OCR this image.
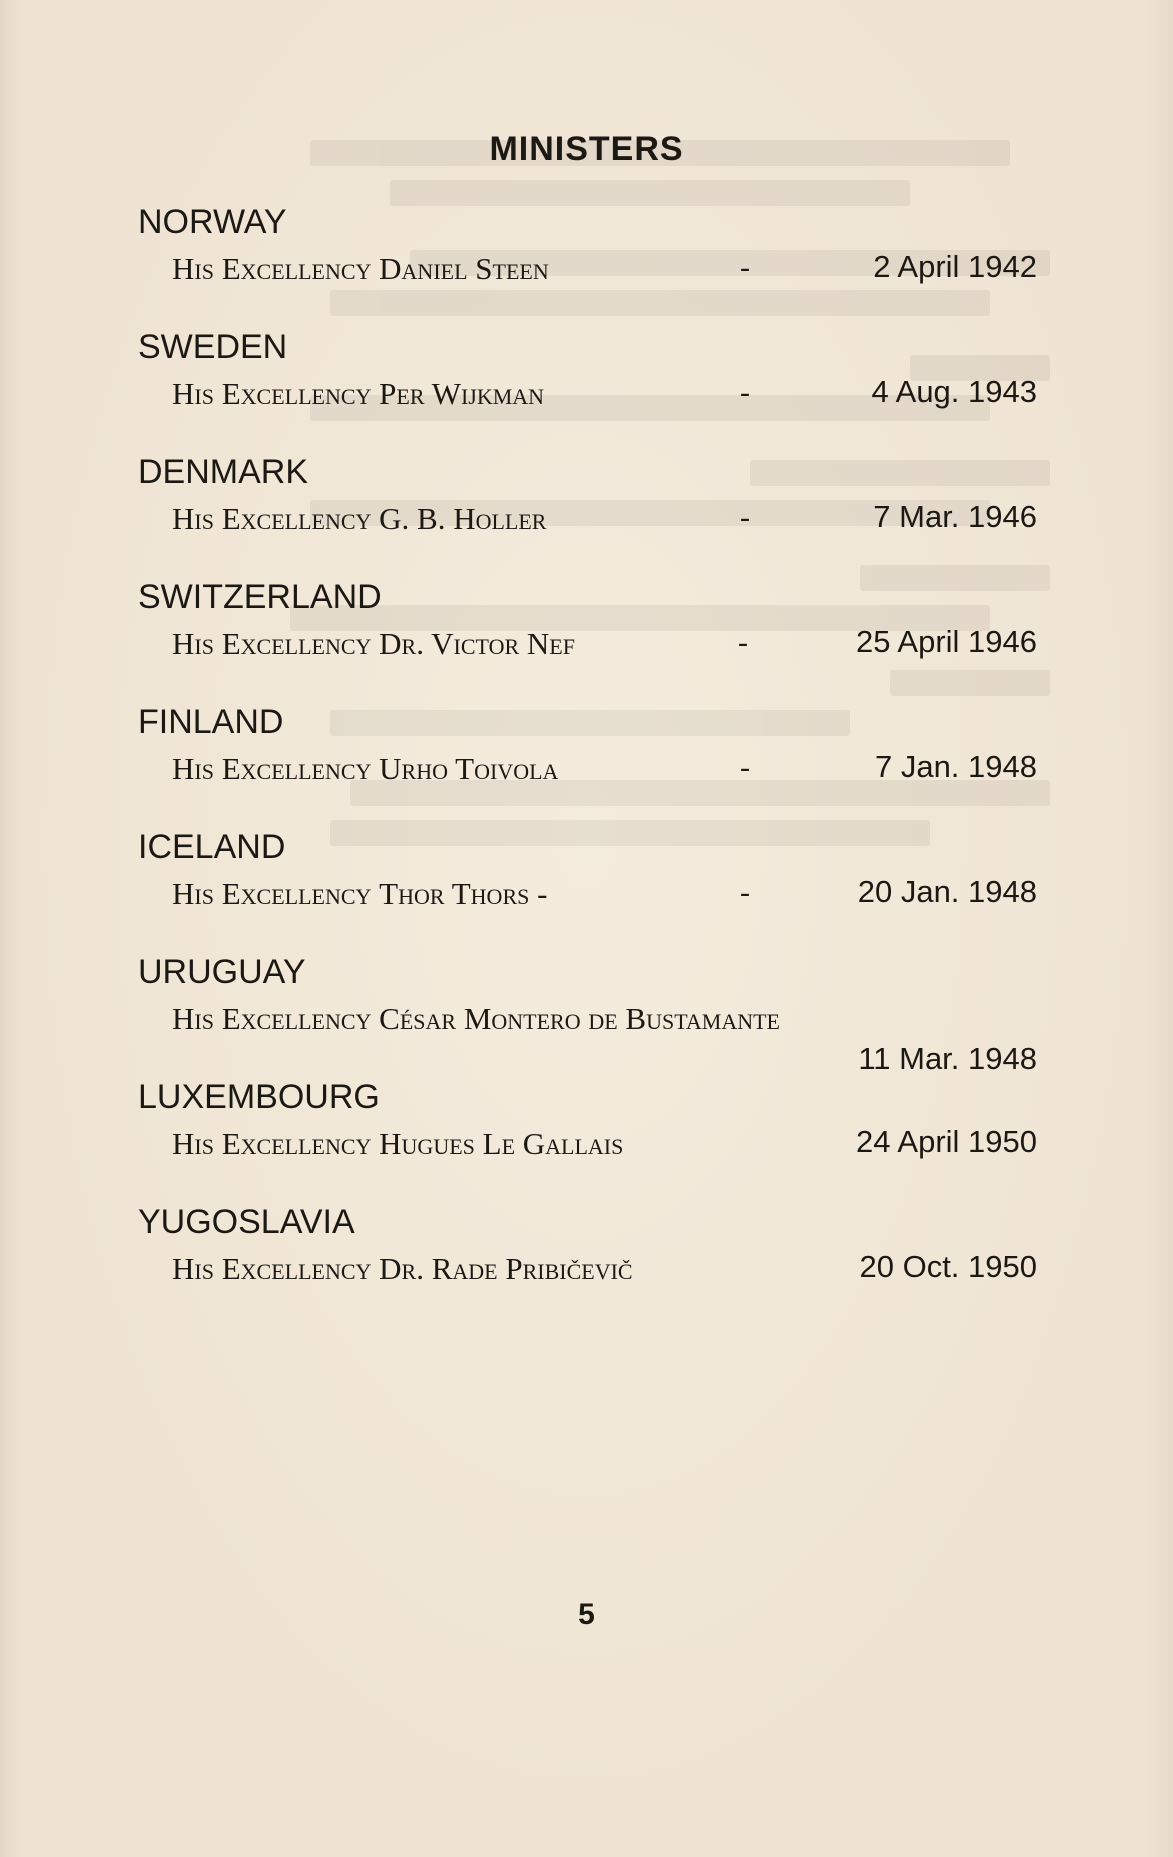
MINISTERS
NORWAY
His Excellency Daniel Steen	-	2 April 1942
SWEDEN
His Excellency Per Wijkman	-	4 Aug. 1943
DENMARK
His Excellency G. B. Holler	-	7 Mar. 1946
SWITZERLAND
His Excellency Dr. Victor Nef	-	25 April 1946
FINLAND
His Excellency Urho Toivola	-	7 Jan. 1948
ICELAND
His Excellency Thor Thors -	-	20 Jan. 1948
URUGUAY
His Excellency César Montero de Bustamante
11 Mar. 1948
LUXEMBOURG
His Excellency Hugues Le Gallais	24 April 1950
YUGOSLAVIA
His Excellency Dr. Rade Pribičevič	20 Oct. 1950
5
